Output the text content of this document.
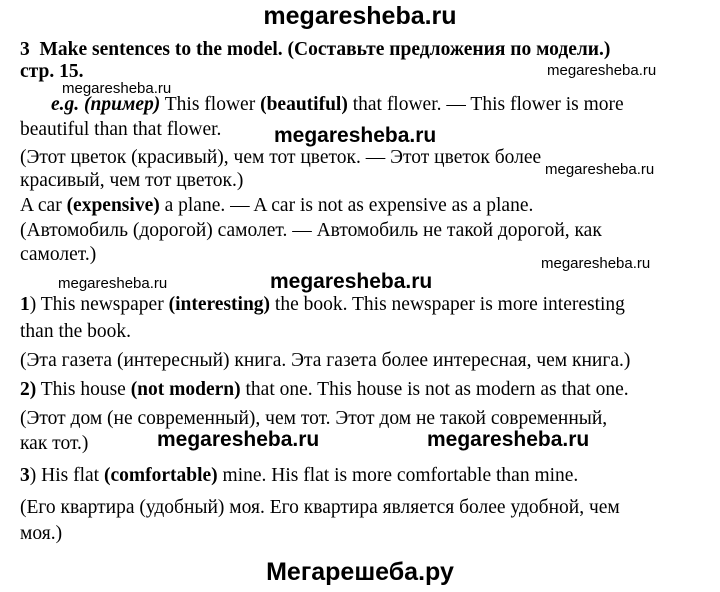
megaresheba.ru
3 Make sentences to the model. (Составьте предложения по модели.)
стр. 15.	megaresheba.ru
megaresheba.ru
e.g. (пример) This flower (beautiful) that flower. — This flower is more
beautiful than that flower.	megaresheba.ru
(Этот цветок (красивый), чем тот цветок. — Этот цветок более
красивый, чем тот цветок.)
megaresheba.ru
A car (expensive) a plane. — A car is not as expensive as a plane.
(Автомобиль (дорогой) самолет. — Автомобиль не такой дорогой, как
самолет.)	megaresheba.ru
megaresheba.ru
megaresheba.ru
1) This newspaper (interesting) the book. This newspaper is more interesting
than the book.
(Эта газета (интересный) книга. Эта газета более интересная, чем книга.)
2) This house (not modern) that one. This house is not as modern as that one.
(Этот дом (не современный), чем тот. Этот дом не такой современный,
как тот.)	megaresheba.ru	megaresheba.ru
3) His flat (comfortable) mine. His flat is more comfortable than mine.
(Его квартира (удобный) моя. Его квартира является более удобной, чем
моя.)
Мегарешеба.ру
